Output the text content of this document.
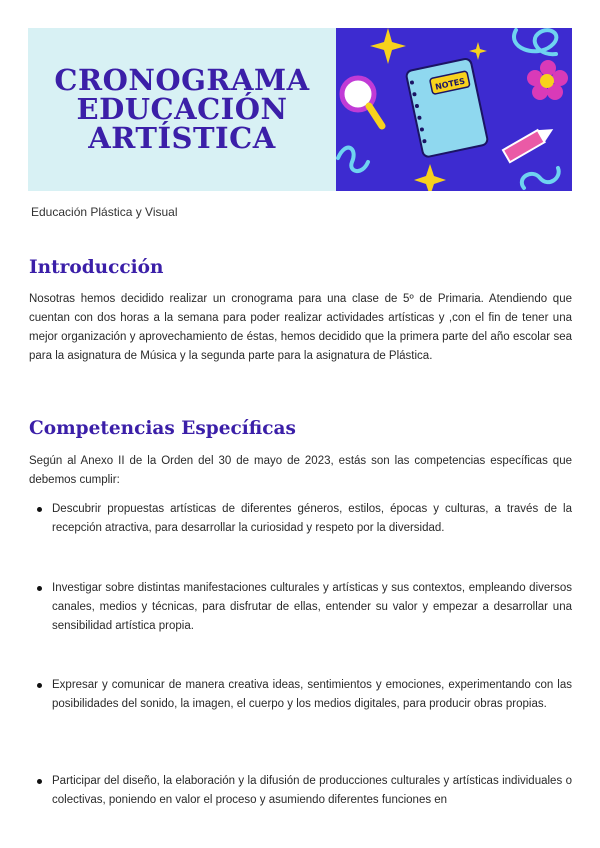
CRONOGRAMA
EDUCACIÓN
ARTÍSTICA
NOTES
Educación Plástica y Visual
Introducción
Nosotras hemos decidido realizar un cronograma para una clase de 5º de Primaria. Atendiendo que cuentan con dos horas a la semana para poder realizar actividades artísticas y ,con el fin de tener una mejor organización y aprovechamiento de éstas, hemos decidido que la primera parte del año escolar sea para la asignatura de Música y la segunda parte para la asignatura de Plástica.
Competencias Específicas
Según al Anexo II de la Orden del 30 de mayo de 2023, estás son las competencias específicas que debemos cumplir:
Descubrir propuestas artísticas de diferentes géneros, estilos, épocas y culturas, a través de la recepción atractiva, para desarrollar la curiosidad y respeto por la diversidad.
Investigar sobre distintas manifestaciones culturales y artísticas y sus contextos, empleando diversos canales, medios y técnicas, para disfrutar de ellas, entender su valor y empezar a desarrollar una sensibilidad artística propia.
Expresar y comunicar de manera creativa ideas, sentimientos y emociones, experimentando con las posibilidades del sonido, la imagen, el cuerpo y los medios digitales, para producir obras propias.
Participar del diseño, la elaboración y la difusión de producciones culturales y artísticas individuales o colectivas, poniendo en valor el proceso y asumiendo diferentes funciones en
